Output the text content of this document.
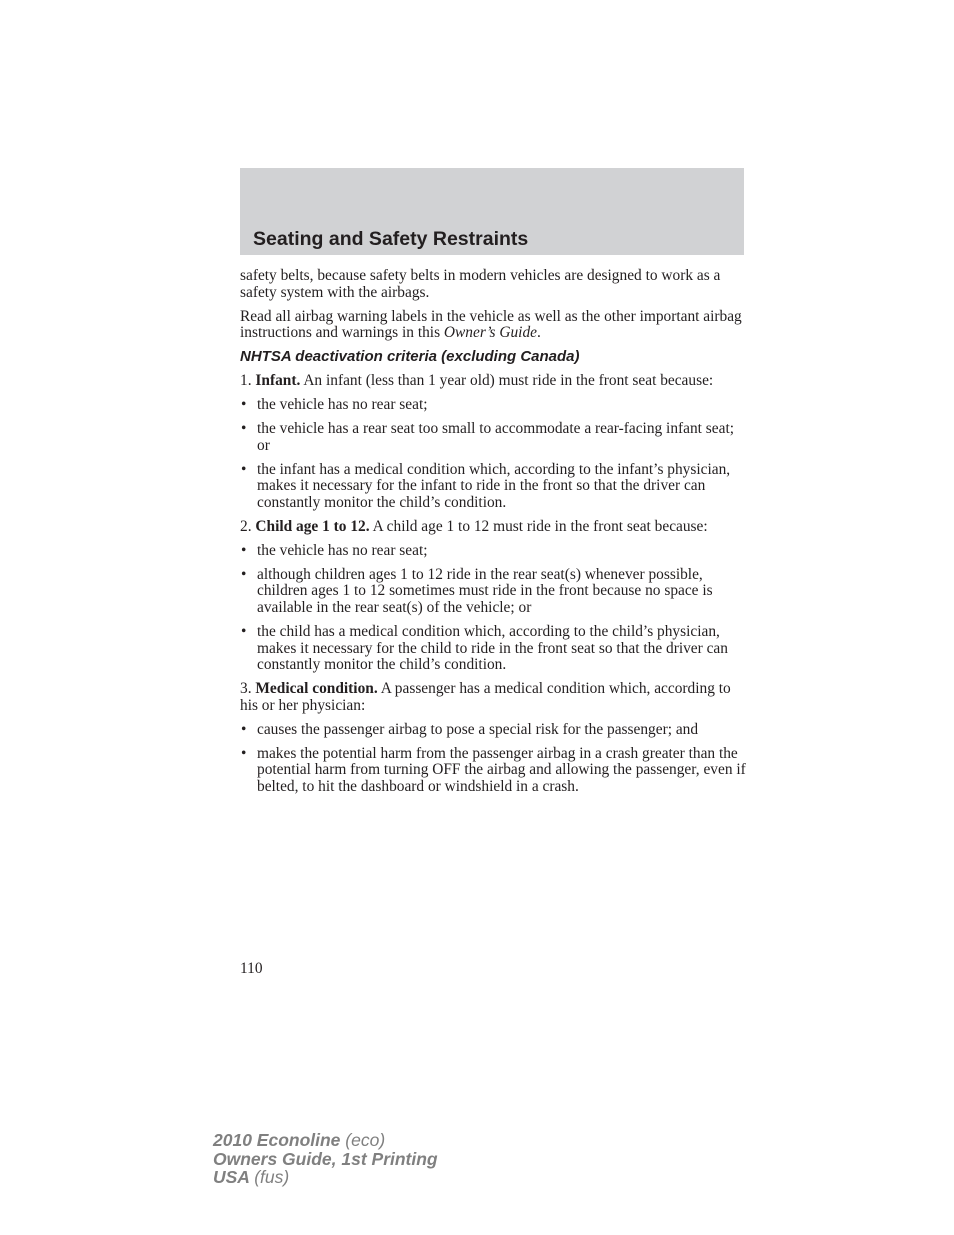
Seating and Safety Restraints

safety belts, because safety belts in modern vehicles are designed to work as a safety system with the airbags.

Read all airbag warning labels in the vehicle as well as the other important airbag instructions and warnings in this Owner’s Guide.

NHTSA deactivation criteria (excluding Canada)

1. Infant. An infant (less than 1 year old) must ride in the front seat because:

• the vehicle has no rear seat;
• the vehicle has a rear seat too small to accommodate a rear-facing infant seat; or
• the infant has a medical condition which, according to the infant’s physician, makes it necessary for the infant to ride in the front so that the driver can constantly monitor the child’s condition.

2. Child age 1 to 12. A child age 1 to 12 must ride in the front seat because:

• the vehicle has no rear seat;
• although children ages 1 to 12 ride in the rear seat(s) whenever possible, children ages 1 to 12 sometimes must ride in the front because no space is available in the rear seat(s) of the vehicle; or
• the child has a medical condition which, according to the child’s physician, makes it necessary for the child to ride in the front seat so that the driver can constantly monitor the child’s condition.

3. Medical condition. A passenger has a medical condition which, according to his or her physician:

• causes the passenger airbag to pose a special risk for the passenger; and
• makes the potential harm from the passenger airbag in a crash greater than the potential harm from turning OFF the airbag and allowing the passenger, even if belted, to hit the dashboard or windshield in a crash.
110
2010 Econoline (eco)
Owners Guide, 1st Printing
USA (fus)
